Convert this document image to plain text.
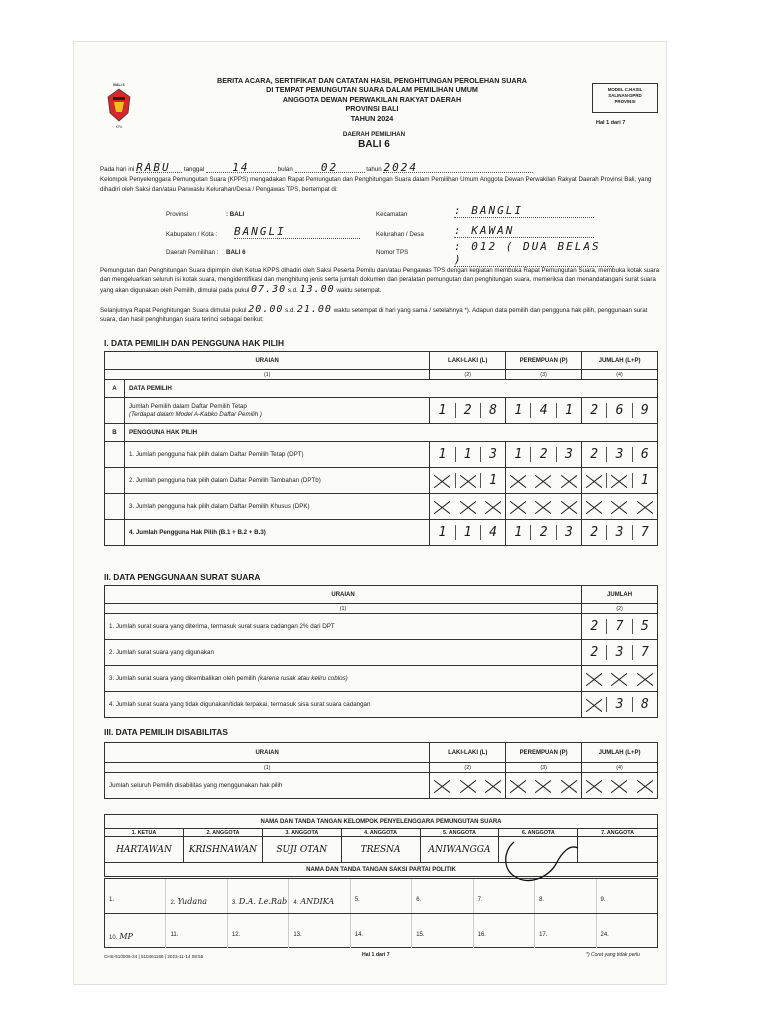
BALI 6
KPU
BERITA ACARA, SERTIFIKAT DAN CATATAN HASIL PENGHITUNGAN PEROLEHAN SUARA
DI TEMPAT PEMUNGUTAN SUARA DALAM PEMILIHAN UMUM
ANGGOTA DEWAN PERWAKILAN RAKYAT DAERAH
PROVINSI BALI
TAHUN 2024
MODEL C.HASIL
SALINAN-DPRD
PROVINSI
Hal 1 dari 7
DAERAH PEMILIHAN
BALI 6
Pada hari ini RABU tanggal	14	bulan	02	tahun 2024
Kelompok Penyelenggara Pemungutan Suara (KPPS) mengadakan Rapat Pemungutan dan Penghitungan Suara dalam Pemilihan Umum Anggota Dewan Perwakilan Rakyat Daerah Provinsi Bali, yang dihadiri oleh Saksi dan/atau Panwaslu Kelurahan/Desa / Pengawas TPS, bertempat di:
Provinsi	: BALI
Kabupaten / Kota : BANGLI
Daerah Pemilihan : BALI 6
Kecamatan	: BANGLI
Kelurahan / Desa	: KAWAN
Nomor TPS	: 012 ( DUA BELAS )
Pemungutan dan Penghitungan Suara dipimpin oleh Ketua KPPS dihadiri oleh Saksi Peserta Pemilu dan/atau Pengawas TPS dengan kegiatan membuka Rapat Pemungutan Suara, membuka kotak suara dan mengeluarkan seluruh isi kotak suara, mengidentifikasi dan menghitung jenis serta jumlah dokumen dan peralatan pemungutan dan penghitungan suara, memeriksa dan menandatangani surat suara yang akan digunakan oleh Pemilih, dimulai pada pukul 07.30 s.d. 13.00 waktu setempat.
Selanjutnya Rapat Penghitungan Suara dimulai pukul 20.00 s.d. 21.00 waktu setempat di hari yang sama / setelahnya *). Adapun data pemilih dan pengguna hak pilih, penggunaan surat suara, dan hasil penghitungan suara terinci sebagai berikut:
I. DATA PEMILIH DAN PENGGUNA HAK PILIH
URAIAN		LAKI-LAKI (L)	PEREMPUAN (P)	JUMLAH (L+P)
(1)		(2)	(3)	(4)
A	DATA PEMILIH			
	Jumlah Pemilih dalam Daftar Pemilih Tetap
(Terdapat dalam Model A-Kabko Daftar Pemilih )	1 2 8	1 4 1	2 6 9

B	PENGGUNA HAK PILIH			
	1. Jumlah pengguna hak pilih dalam Daftar Pemilih Tetap (DPT)	1 1 3	1 2 3	2 3 6

	2. Jumlah pengguna hak pilih dalam Daftar Pemilih Tambahan (DPTb)	1		1

	3. Jumlah pengguna hak pilih dalam Daftar Pemilih Khusus (DPK)	

	4. Jumlah Pengguna Hak Pilih (B.1 + B.2 + B.3)	1 1 4	1 2 3	2 3 7
II. DATA PENGGUNAAN SURAT SUARA
URAIAN	JUMLAH
(1)	(2)
1. Jumlah surat suara yang diterima, termasuk surat suara cadangan 2% dari DPT	2 7 5

2. Jumlah surat suara yang digunakan	2 3 7

3. Jumlah surat suara yang dikembalikan oleh pemilih (karena rusak atau keliru coblos)	

4. Jumlah surat suara yang tidak digunakan/tidak terpakai, termasuk sisa surat suara cadangan	3 8
III. DATA PEMILIH DISABILITAS
URAIAN	LAKI-LAKI (L)	PEREMPUAN (P)	JUMLAH (L+P)
(1)	(2)	(3)	(4)
Jumlah seluruh Pemilih disabilitas yang menggunakan hak pilih	

NAMA DAN TANDA TANGAN KELOMPOK PENYELENGGARA PEMUNGUTAN SUARA						
1. KETUA	2. ANGGOTA	3. ANGGOTA	4. ANGGOTA	5. ANGGOTA	6. ANGGOTA	7. ANGGOTA
HARTAWAN	KRISHNAWAN	SUJI OTAN	TRESNA	ANIWANGGA		
NAMA DAN TANDA TANGAN SAKSI PARTAI POLITIK						
1.	2. Yudana	3. D.A. Le.Rab	4. ANDIKA	5.	6.	7.	8.	9.
10. MP	11.	12.	13.	14.	15.	16.	17.	24.
CHS-510006-24 | 510461166 | 2023-11-14 08:55	Hal 1 dari 7	*) Coret yang tidak perlu
